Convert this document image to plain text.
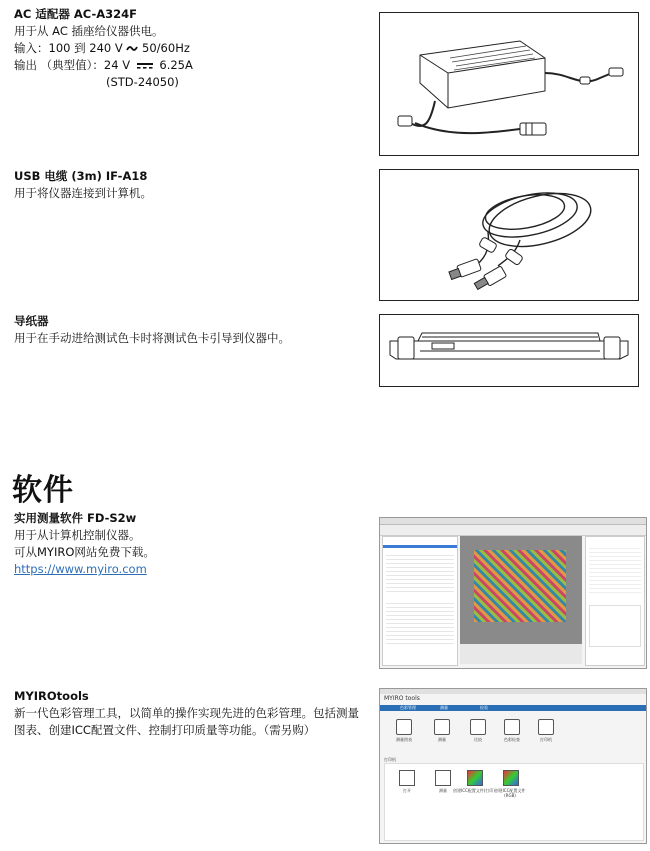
AC 适配器 AC-A324F
用于从 AC 插座给仪器供电。
输入：100 到 240 V 50/60Hz
输出 （典型值）：24 V	6.25A
(STD-24050)
USB 电缆 (3m) IF-A18
用于将仪器连接到计算机。
导纸器
用于在手动进给测试色卡时将测试色卡引导到仪器中。
软件
实用测量软件 FD-S2w
用于从计算机控制仪器。
可从MYIRO网站免费下载。
https://www.myiro.com

MYIROtools
新一代色彩管理工具，以简单的操作实现先进的色彩管理。包括测量图表、创建ICC配置文件、控制打印质量等功能。（需另购）
MYIRO tools
色彩管理	测量	检验
测量图表	测量	比较	色彩检查	打印机
打印机
打开	测量	创建ICC配置文件(打印) 创建ICC配置文件(RGB)
